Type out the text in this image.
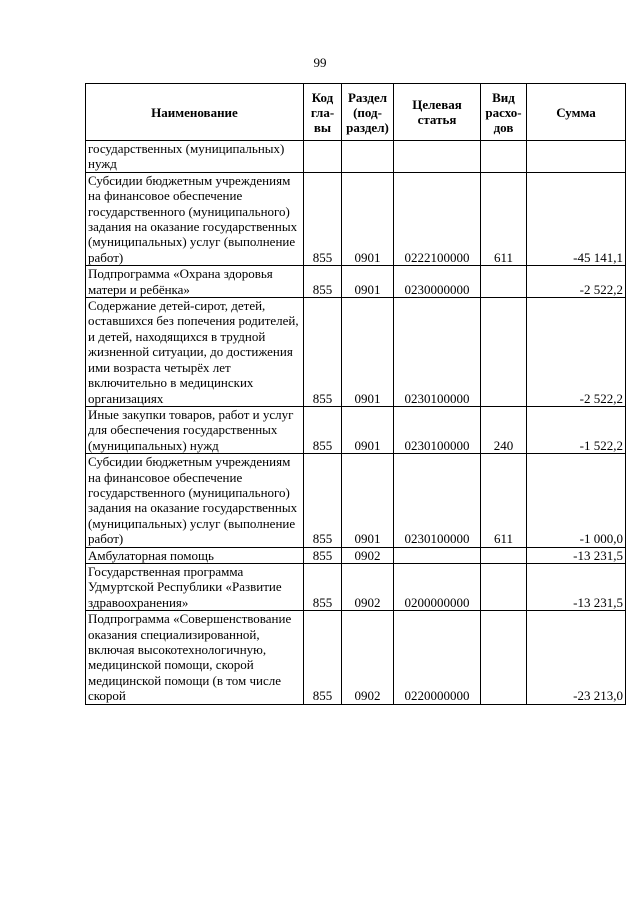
99
Наименование	Код гла-вы	Раздел (под-раздел)	Целевая статья	Вид расхо-дов	Сумма
государственных (муниципальных) нужд					
Субсидии бюджетным учреждениям на финансовое обеспечение государственного (муниципального) задания на оказание государственных (муниципальных) услуг (выполнение работ)	855	0901	0222100000	611	-45 141,1
Подпрограмма «Охрана здоровья матери и ребёнка»	855	0901	0230000000		-2 522,2
Содержание детей-сирот, детей, оставшихся без попечения родителей, и детей, находящихся в трудной жизненной ситуации, до достижения ими возраста четырёх лет включительно в медицинских организациях	855	0901	0230100000		-2 522,2
Иные закупки товаров, работ и услуг для обеспечения государственных (муниципальных) нужд	855	0901	0230100000	240	-1 522,2
Субсидии бюджетным учреждениям на финансовое обеспечение государственного (муниципального) задания на оказание государственных (муниципальных) услуг (выполнение работ)	855	0901	0230100000	611	-1 000,0
Амбулаторная помощь	855	0902			-13 231,5
Государственная программа Удмуртской Республики «Развитие здравоохранения»	855	0902	0200000000		-13 231,5
Подпрограмма «Совершенствование оказания специализированной, включая высокотехнологичную, медицинской помощи, скорой медицинской помощи (в том числе скорой	855	0902	0220000000		-23 213,0
